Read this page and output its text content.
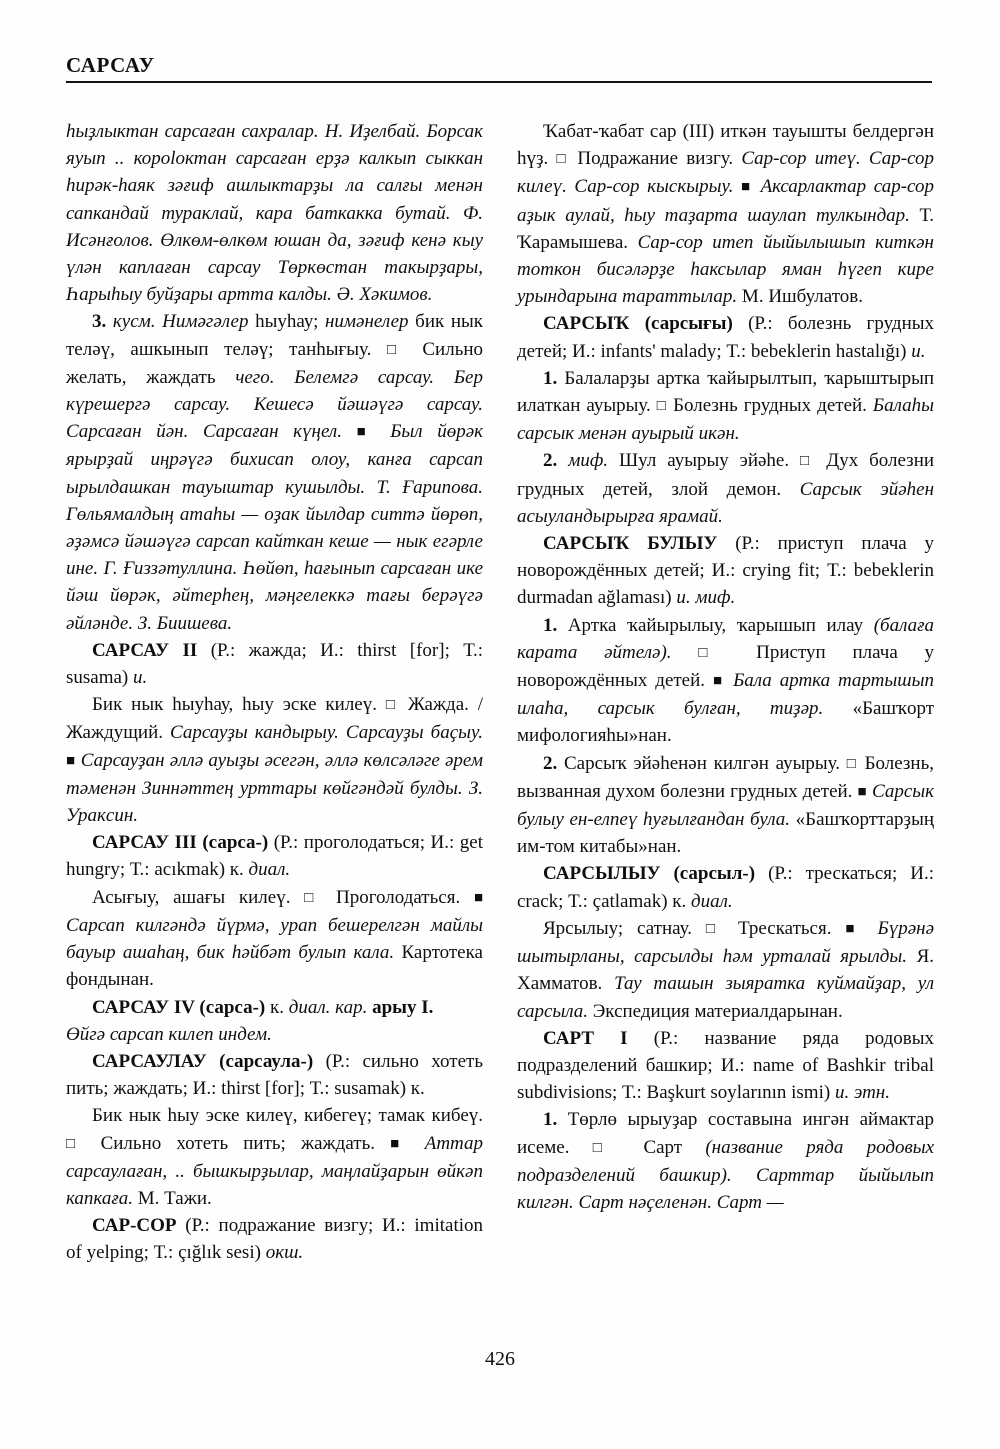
САРСАУ

һыҙлыктан сарсаған сахралар. Н. Иҙелбай. Борсак яуып .. короloктан сарсаған ерҙә калкып сыккан һирәк-һаяк зәғиф ашлыктарҙы ла салғы менән сапкандай тураклай, кара баткакка бутай. Ф. Исәнғолов. Өлкөм-өлкөм юшан да, зәғиф кенә кыу үлән каплаған сарсау Төркөстан такырҙары, Һарыһыу буйҙары артта калды. Ә. Хәкимов.

3. кусм. Нимәгәлер һыуһау; нимәнелер бик нык теләү, ашкынып теләү; танһығыу. □	Сильно желать, жаждать чего. Белемгә сарсау. Бер күрешергә сарсау. Кешесә йәшәүгә сарсау. Сарсаған йән. Сарсаған күңел. ■	Был йөрәк ярырҙай иңрәүгә бихисап олоу, канға сарсап ырылдашкан тауыштар кушылды. Т. Ғарипова. Гөльямалдың атаһы — оҙак йылдар ситтә йөрөп, әҙәмсә йәшәүгә сарсап кайткан кеше — нык егәрле ине. Г. Ғиззәтуллина. Һөйөп, һағынып сарсаған ике йәш йөрәк, әйтерһең, мәңгелеккә тағы берәүгә әйләнде. З. Биишева.

САРСАУ II (Р.: жажда; И.: thirst [for]; Т.: susama) и.

Бик нык һыуһау, һыу эске килеү. □ Жажда. / Жаждущий. Сарсауҙы кандырыу. Сарсауҙы баҫыу. ■ Сарсауҙан әллә ауыҙы әсегән, әллә көлсәләге әрем тәменән Зиннәттең урттары көйгәндәй булды. З. Уракcин.

САРСАУ III (сарса-) (Р.: проголодаться; И.: get hungry; Т.: acıkmak) к. диал.

Асығыу, ашағы килеү. □ Проголодаться. ■ Сарсап килгәндә йүрмә, урап бешерелгән майлы бауыр ашаһаң, бик һәйбәт булып кала. Картотека фондынан.

САРСАУ IV (сарса-) к. диал. кар. арыу I.

Өйгә сарсап килеп индем.

САРСАУЛАУ (сарсаула-) (Р.: сильно хотеть пить; жаждать; И.: thirst [for]; Т.: susamak) к.

Бик нык һыу эске килеү, кибегеү; тамак кибеү. □ Сильно хотеть пить; жаждать. ■	Аттар сарсаулаған, .. бышкырҙылар, маңлайҙарын өйкәп капкаға. М. Тажи.

САР-СОР (Р.: подражание визгу; И.: imitation of yelping; Т.: çığlık sesi) окш.

Ҡабат-ҡабат сар (III) иткән тауышты белдергән һүҙ. □ Подражание визгу. Сар-сор итеү. Сар-сор килеү. Сар-сор кыскырыу. ■ Аксарлактар сар-сор аҙык аулай, һыу таҙарта шаулап тулкындар. Т. Ҡарамышева. Сар-сор итеп йыйылышып киткән тоткон бисәләрҙе һаксылар яман һүгеп кире урындарына тараттылар. М. Ишбулатов.

САРСЫҠ (сарсығы) (Р.: болезнь грудных детей; И.: infants' malady; Т.: bebeklerin hastalığı) и.

1. Балаларҙы артка ҡайырылтып, ҡарыштырып илаткан ауырыу. □ Болезнь грудных детей. Балаһы сарсык менән ауырый икән.

2. миф. Шул ауырыу эйәһе. □ Дух болезни грудных детей, злой демон. Сарсык эйәһен асыуландырырға ярамай.

САРСЫҠ БУЛЫУ (Р.: приступ плача у новорождённых детей; И.: crying fit; Т.: bebeklerin durmadan ağlaması) и. миф.

1. Артка ҡайырылыу, ҡарышып илау (балаға карата әйтелә). □	Приступ плача у новорождённых детей. ■ Бала артка тартышып илаһа, сарсык булған, тиҙәр. «Башҡорт мифологияһы»нан.

2. Сарсыҡ эйәһенән килгән ауырыу. □ Болезнь, вызванная духом болезни грудных детей. ■ Сарсык булыу ен-елпеү һуғылғандан була. «Башҡорттарҙың им-том китабы»нан.

САРСЫЛЫУ (сарсыл-) (Р.: трескаться; И.: crack; Т.: çatlamak) к. диал.

Ярсылыу; сатнау. □ Трескаться. ■ Бүрәнә шытырланы, сарсылды һәм урталай ярылды. Я. Хамматов. Тау ташын зыяратка куймайҙар, ул сарсыла. Экспедиция материалдарынан.

САРТ I (Р.: название ряда родовых подразделений башкир; И.: name of Bashkir tribal subdivisions; Т.: Başkurt soylarının ismi) и. этн.

1. Төрлө ырыуҙар составына ингән аймактар исеме. □	Сарт (название ряда родовых подразделений башкир). Сарттар йыйылып килгән. Сарт нәҫеленән. Сарт —

426
